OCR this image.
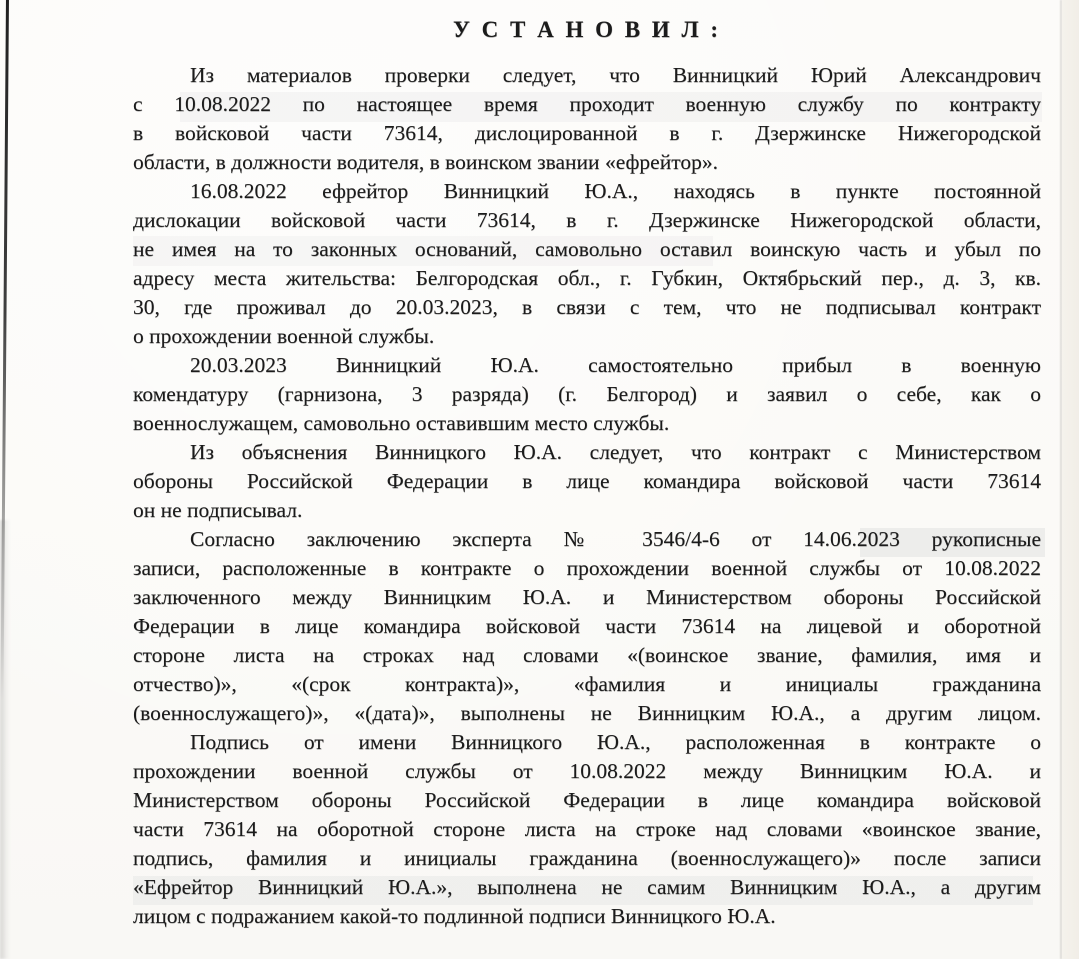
У С Т А Н О В И Л :
Из материалов проверки следует, что Винницкий Юрий Александрович
с 10.08.2022 по настоящее время проходит военную службу по контракту
в войсковой части 73614, дислоцированной в г. Дзержинске Нижегородской
области, в должности водителя, в воинском звании «ефрейтор».
16.08.2022 ефрейтор Винницкий Ю.А., находясь в пункте постоянной
дислокации войсковой части 73614, в г. Дзержинске Нижегородской области,
не имея на то законных оснований, самовольно оставил воинскую часть и убыл по
адресу места жительства: Белгородская обл., г. Губкин, Октябрьский пер., д. 3, кв.
30, где проживал до 20.03.2023, в связи с тем, что не подписывал контракт
о прохождении военной службы.
20.03.2023 Винницкий Ю.А. самостоятельно прибыл в военную
комендатуру (гарнизона, 3 разряда) (г. Белгород) и заявил о себе, как о
военнослужащем, самовольно оставившим место службы.
Из объяснения Винницкого Ю.А. следует, что контракт с Министерством
обороны Российской Федерации в лице командира войсковой части 73614
он не подписывал.
Согласно заключению эксперта № 3546/4-6 от 14.06.2023 рукописные
записи, расположенные в контракте о прохождении военной службы от 10.08.2022
заключенного между Винницким Ю.А. и Министерством обороны Российской
Федерации в лице командира войсковой части 73614 на лицевой и оборотной
стороне листа на строках над словами «(воинское звание, фамилия, имя и
отчество)», «(срок контракта)», «фамилия и инициалы гражданина
(военнослужащего)», «(дата)», выполнены не Винницким Ю.А., а другим лицом.
Подпись от имени Винницкого Ю.А., расположенная в контракте о
прохождении военной службы от 10.08.2022 между Винницким Ю.А. и
Министерством обороны Российской Федерации в лице командира войсковой
части 73614 на оборотной стороне листа на строке над словами «воинское звание,
подпись, фамилия и инициалы гражданина (военнослужащего)» после записи
«Ефрейтор Винницкий Ю.А.», выполнена не самим Винницким Ю.А., а другим
лицом с подражанием какой-то подлинной подписи Винницкого Ю.А.
